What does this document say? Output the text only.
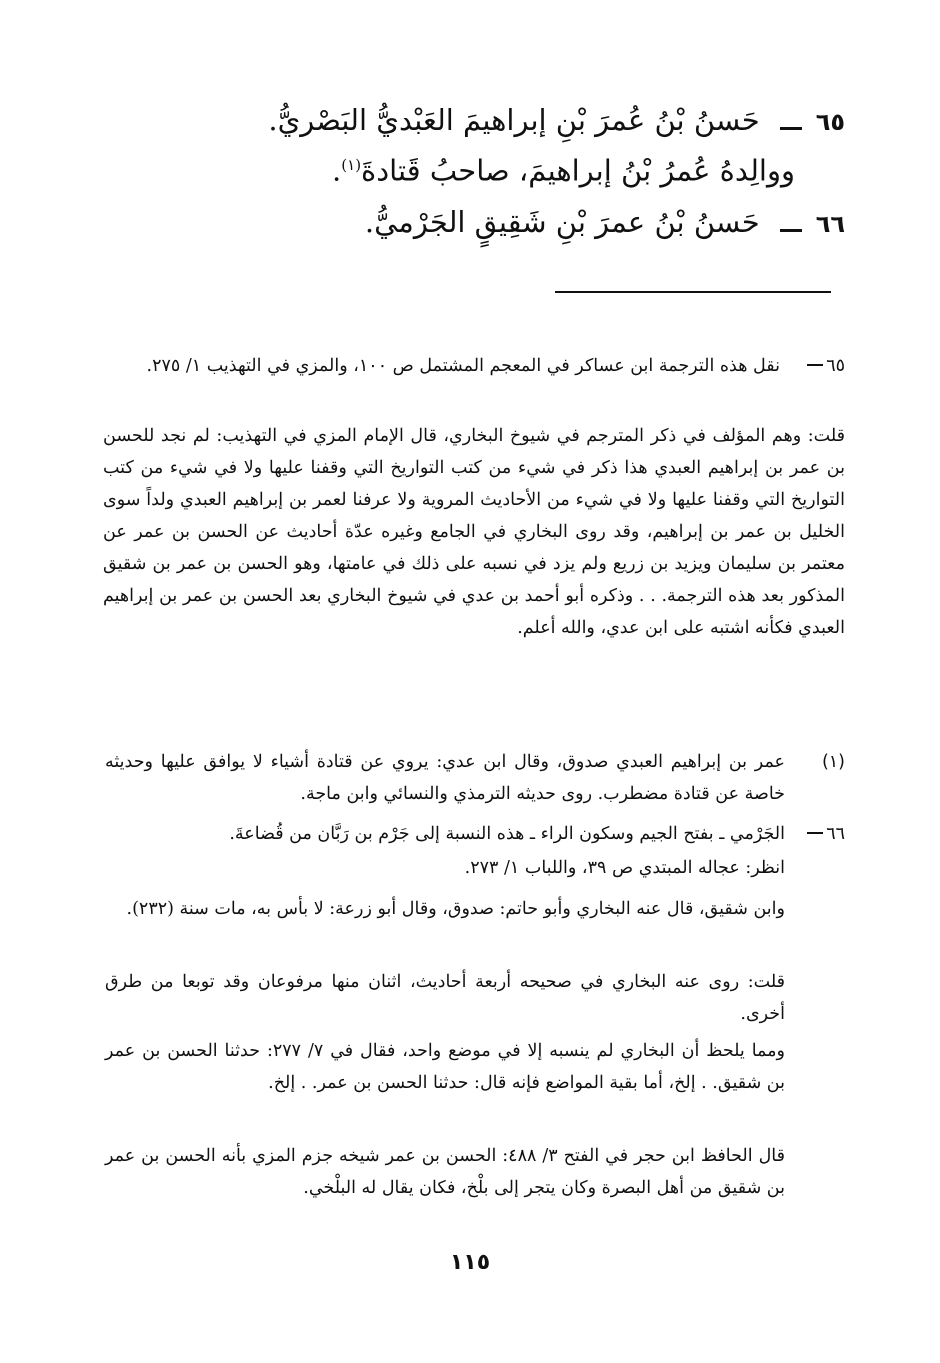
٦٥
حَسنُ بْنُ عُمرَ بْنِ إبراهيمَ العَبْديُّ البَصْريُّ.
ووالِدهُ عُمرُ بْنُ إبراهيمَ، صاحبُ قَتادةَ$^{(١)}$.
٦٦
حَسنُ بْنُ عمرَ بْنِ شَقِيقٍ الجَرْميُّ.
٦٥
نقل هذه الترجمة ابن عساكر في المعجم المشتمل ص ١٠٠، والمزي في التهذيب ١/ ٢٧٥.
قلت: وهم المؤلف في ذكر المترجم في شيوخ البخاري، قال الإمام المزي في التهذيب: لم نجد للحسن بن عمر بن إبراهيم العبدي هذا ذكر في شيء من كتب التواريخ التي وقفنا عليها ولا في شيء من كتب التواريخ التي وقفنا عليها ولا في شيء من الأحاديث المروية ولا عرفنا لعمر بن إبراهيم العبدي ولداً سوى الخليل بن عمر بن إبراهيم، وقد روى البخاري في الجامع وغيره عدّة أحاديث عن الحسن بن عمر عن معتمر بن سليمان ويزيد بن زريع ولم يزد في نسبه على ذلك في عامتها، وهو الحسن بن عمر بن شقيق المذكور بعد هذه الترجمة. . . وذكره أبو أحمد بن عدي في شيوخ البخاري بعد الحسن بن عمر بن إبراهيم العبدي فكأنه اشتبه على ابن عدي، والله أعلم.
(١)
عمر بن إبراهيم العبدي صدوق، وقال ابن عدي: يروي عن قتادة أشياء لا يوافق عليها وحديثه خاصة عن قتادة مضطرب. روى حديثه الترمذي والنسائي وابن ماجة.
٦٦
الجَرْمي ـ بفتح الجيم وسكون الراء ـ هذه النسبة إلى جَرْم بن رَبَّان من قُضاعةَ.
انظر: عجاله المبتدي ص ٣٩، واللباب ١/ ٢٧٣.
وابن شقيق، قال عنه البخاري وأبو حاتم: صدوق، وقال أبو زرعة: لا بأس به، مات سنة (٢٣٢).
قلت: روى عنه البخاري في صحيحه أربعة أحاديث، اثنان منها مرفوعان وقد توبعا من طرق أخرى.
ومما يلحظ أن البخاري لم ينسبه إلا في موضع واحد، فقال في ٧/ ٢٧٧: حدثنا الحسن بن عمر بن شقيق. . إلخ، أما بقية المواضع فإنه قال: حدثنا الحسن بن عمر. . إلخ.
قال الحافظ ابن حجر في الفتح ٣/ ٤٨٨: الحسن بن عمر شيخه جزم المزي بأنه الحسن بن عمر بن شقيق من أهل البصرة وكان يتجر إلى بلْخ، فكان يقال له البلْخي.
١١٥
